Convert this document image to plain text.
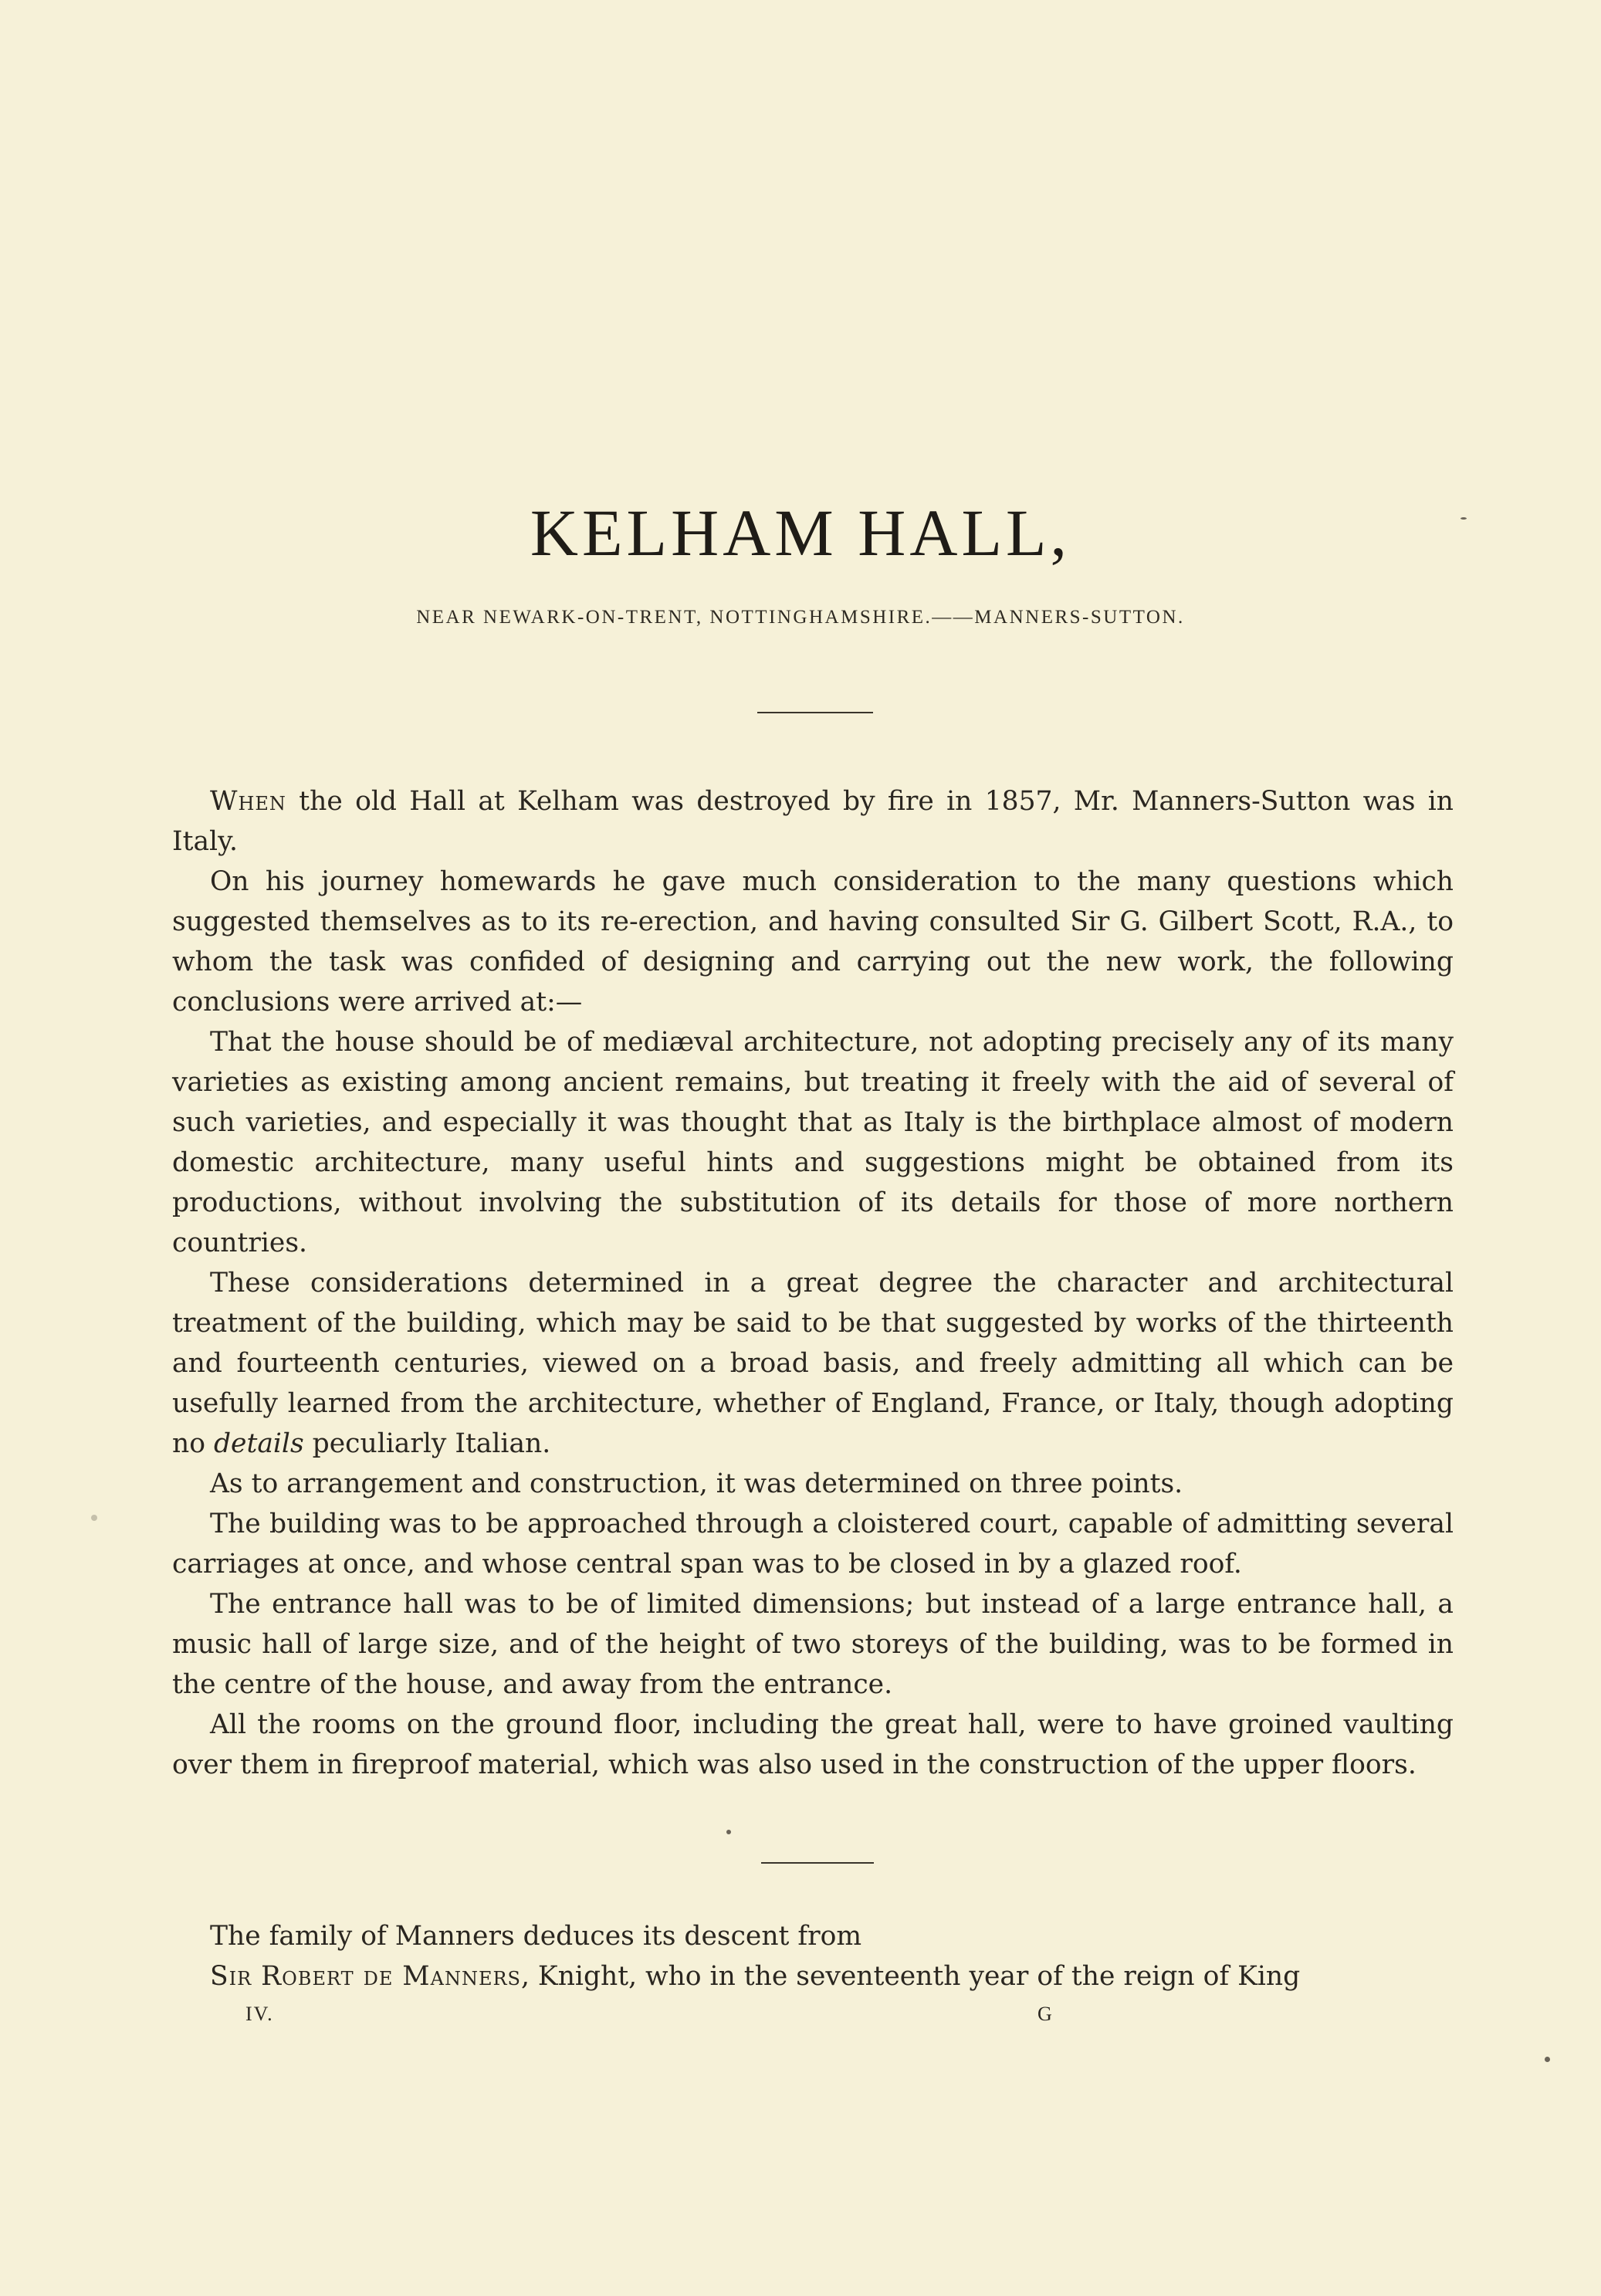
KELHAM HALL,
NEAR NEWARK-ON-TRENT, NOTTINGHAMSHIRE.——MANNERS-SUTTON.

When the old Hall at Kelham was destroyed by fire in 1857, Mr. Manners-Sutton was in Italy.

On his journey homewards he gave much consideration to the many questions which suggested themselves as to its re-erection, and having consulted Sir G. Gilbert Scott, R.A., to whom the task was confided of designing and carrying out the new work, the following conclusions were arrived at:—

That the house should be of mediæval architecture, not adopting precisely any of its many varieties as existing among ancient remains, but treating it freely with the aid of several of such varieties, and especially it was thought that as Italy is the birthplace almost of modern domestic architecture, many useful hints and suggestions might be obtained from its productions, without involving the substitution of its details for those of more northern countries.

These considerations determined in a great degree the character and architectural treatment of the building, which may be said to be that suggested by works of the thirteenth and fourteenth centuries, viewed on a broad basis, and freely admitting all which can be usefully learned from the architecture, whether of England, France, or Italy, though adopting no details peculiarly Italian.

As to arrangement and construction, it was determined on three points.

The building was to be approached through a cloistered court, capable of admitting several carriages at once, and whose central span was to be closed in by a glazed roof.

The entrance hall was to be of limited dimensions; but instead of a large entrance hall, a music hall of large size, and of the height of two storeys of the building, was to be formed in the centre of the house, and away from the entrance.

All the rooms on the ground floor, including the great hall, were to have groined vaulting over them in fireproof material, which was also used in the construction of the upper floors.

The family of Manners deduces its descent from

Sir Robert de Manners, Knight, who in the seventeenth year of the reign of King

IV.	G
